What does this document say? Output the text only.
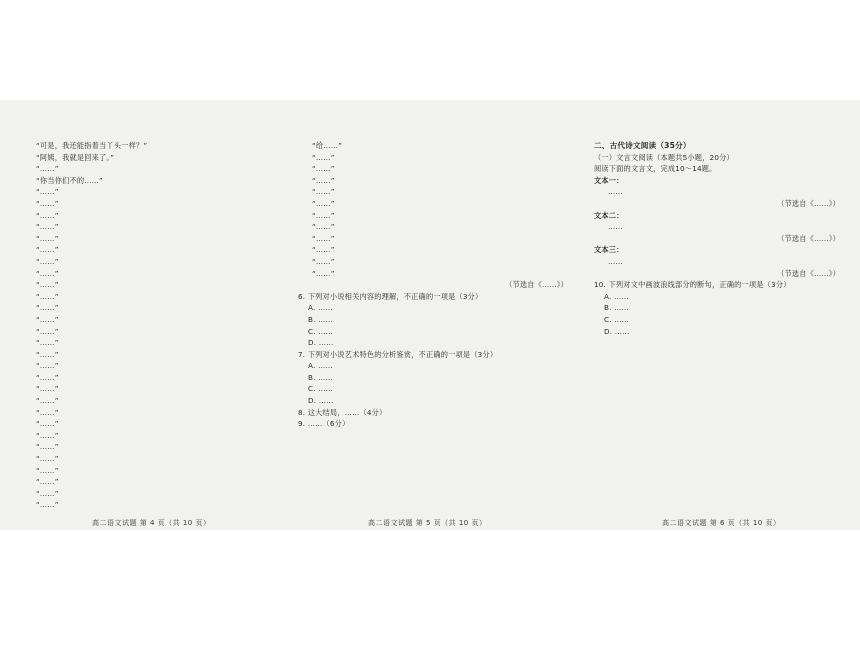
“可是，我还能指着当丫头一样？”

“阿姨，我就是回来了。”

“……”

“你当你们不的……”

“……”

“……”

“……”

“……”

“……”

“……”

“……”

“……”

“……”

“……”

“……”

“……”

“……”

“……”

“……”

“……”

“……”

“……”

“……”

“……”

“……”

“……”

“……”

“……”

“……”

“……”

“……”

“……”

高二语文试题 第 4 页（共 10 页）

“给……”

“……”

“……”

“……”

“……”

“……”

“……”

“……”

“……”

“……”

“……”

“……”

（节选自《……》）

6. 下列对小说相关内容的理解，不正确的一项是（3分）

A. ……

B. ……

C. ……

D. ……

7. 下列对小说艺术特色的分析鉴赏，不正确的一项是（3分）

A. ……

B. ……

C. ……

D. ……

8. 这大结局，……（4分）

9. ……（6分）

高二语文试题 第 5 页（共 10 页）

二、古代诗文阅读（35分）

（一）文言文阅读（本题共5小题，20分）

阅读下面的文言文，完成10～14题。

文本一：

……

（节选自《……》）

文本二：

……

（节选自《……》）

文本三：

……

（节选自《……》）

10. 下列对文中画波浪线部分的断句，正确的一项是（3分）

A. ……

B. ……

C. ……

D. ……

高二语文试题 第 6 页（共 10 页）
